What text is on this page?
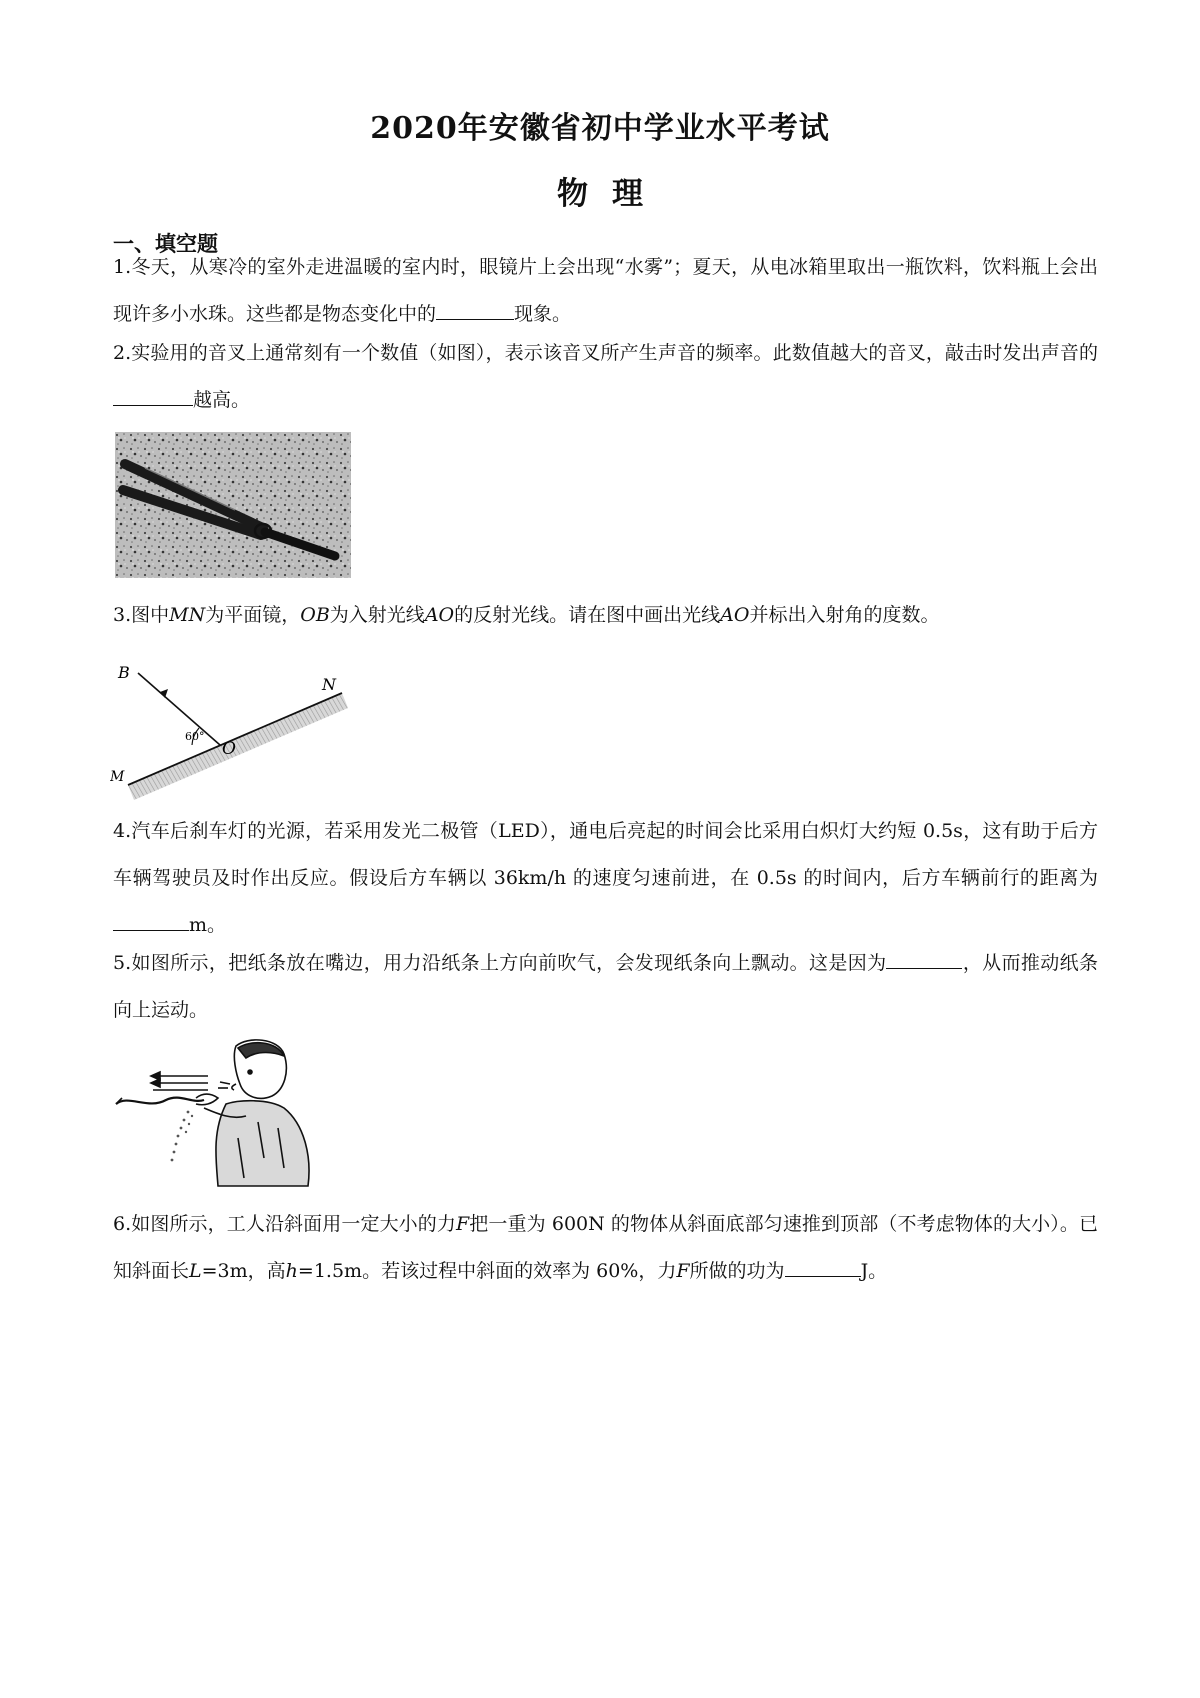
2020年安徽省初中学业水平考试
物理
一、填空题
1.冬天，从寒冷的室外走进温暖的室内时，眼镜片上会出现“水雾”；夏天，从电冰箱里取出一瓶饮料，饮料瓶上会出现许多小水珠。这些都是物态变化中的	现象。
2.实验用的音叉上通常刻有一个数值（如图），表示该音叉所产生声音的频率。此数值越大的音叉，敲击时发出声音的越高。
3.图中MN为平面镜，OB为入射光线AO的反射光线。请在图中画出光线AO并标出入射角的度数。
B
N
M
O
60°
4.汽车后刹车灯的光源，若采用发光二极管（LED），通电后亮起的时间会比采用白炽灯大约短 0.5s，这有助于后方车辆驾驶员及时作出反应。假设后方车辆以 36km/h 的速度匀速前进，在 0.5s 的时间内，后方车辆前行的距离为m。
5.如图所示，把纸条放在嘴边，用力沿纸条上方向前吹气，会发现纸条向上飘动。这是因为	，从而推动纸条向上运动。
6.如图所示，工人沿斜面用一定大小的力F把一重为 600N 的物体从斜面底部匀速推到顶部（不考虑物体的大小）。已知斜面长L=3m，高h=1.5m。若该过程中斜面的效率为 60%，力F所做的功为	J。
